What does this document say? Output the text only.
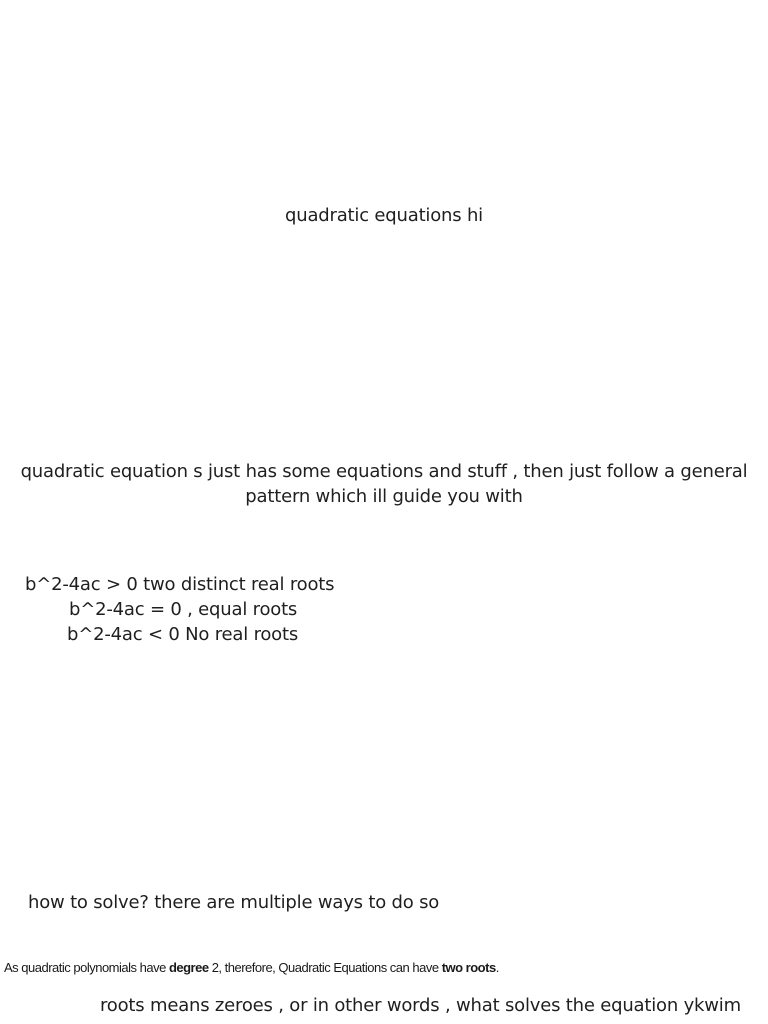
quadratic equations hi

quadratic equation s just has some equations and stuff , then just follow a general
pattern which ill guide you with

b^2-4ac > 0 two distinct real roots

b^2-4ac = 0 , equal roots

b^2-4ac < 0 No real roots

how to solve? there are multiple ways to do so

As quadratic polynomials have degree 2, therefore, Quadratic Equations can have two roots.

roots means zeroes , or in other words , what solves the equation ykwim
